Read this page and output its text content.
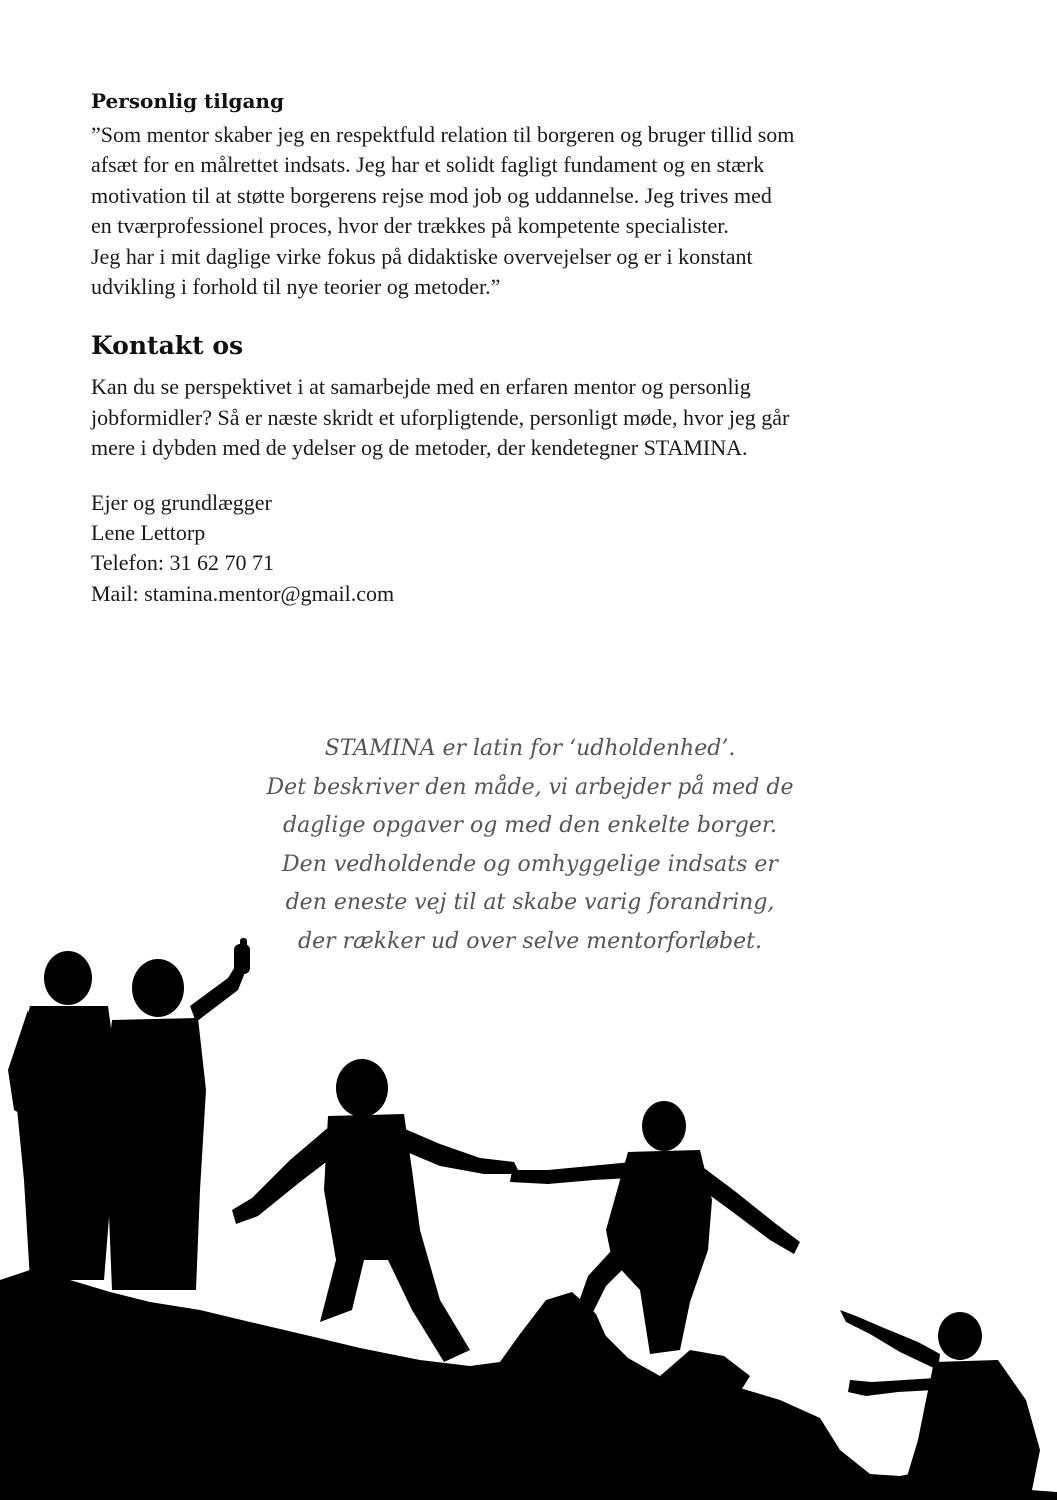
Personlig tilgang

”Som mentor skaber jeg en respektfuld relation til borgeren og bruger tillid som
afsæt for en målrettet indsats. Jeg har et solidt fagligt fundament og en stærk
motivation til at støtte borgerens rejse mod job og uddannelse. Jeg trives med
en tværprofessionel proces, hvor der trækkes på kompetente specialister.
Jeg har i mit daglige virke fokus på didaktiske overvejelser og er i konstant
udvikling i forhold til nye teorier og metoder.”

Kontakt os

Kan du se perspektivet i at samarbejde med en erfaren mentor og personlig
jobformidler? Så er næste skridt et uforpligtende, personligt møde, hvor jeg går
mere i dybden med de ydelser og de metoder, der kendetegner STAMINA.

Ejer og grundlægger
Lene Lettorp
Telefon: 31 62 70 71
Mail: stamina.mentor@gmail.com

STAMINA er latin for ‘udholdenhed’.
Det beskriver den måde, vi arbejder på med de
daglige opgaver og med den enkelte borger.
Den vedholdende og omhyggelige indsats er
den eneste vej til at skabe varig forandring,
der rækker ud over selve mentorforløbet.
